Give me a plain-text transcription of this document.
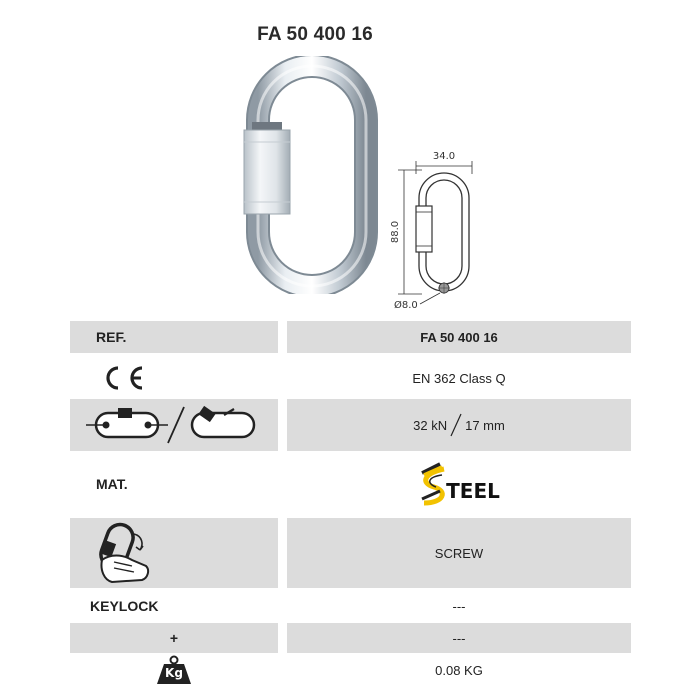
FA 50 400 16
34.0
88.0
Ø8.0
REF.	FA 50 400 16
EN 362 Class Q
32 kN 17 mm
MAT.	TEEL
SCREW
KEYLOCK	---
+	---
Kg	0.08 KG
